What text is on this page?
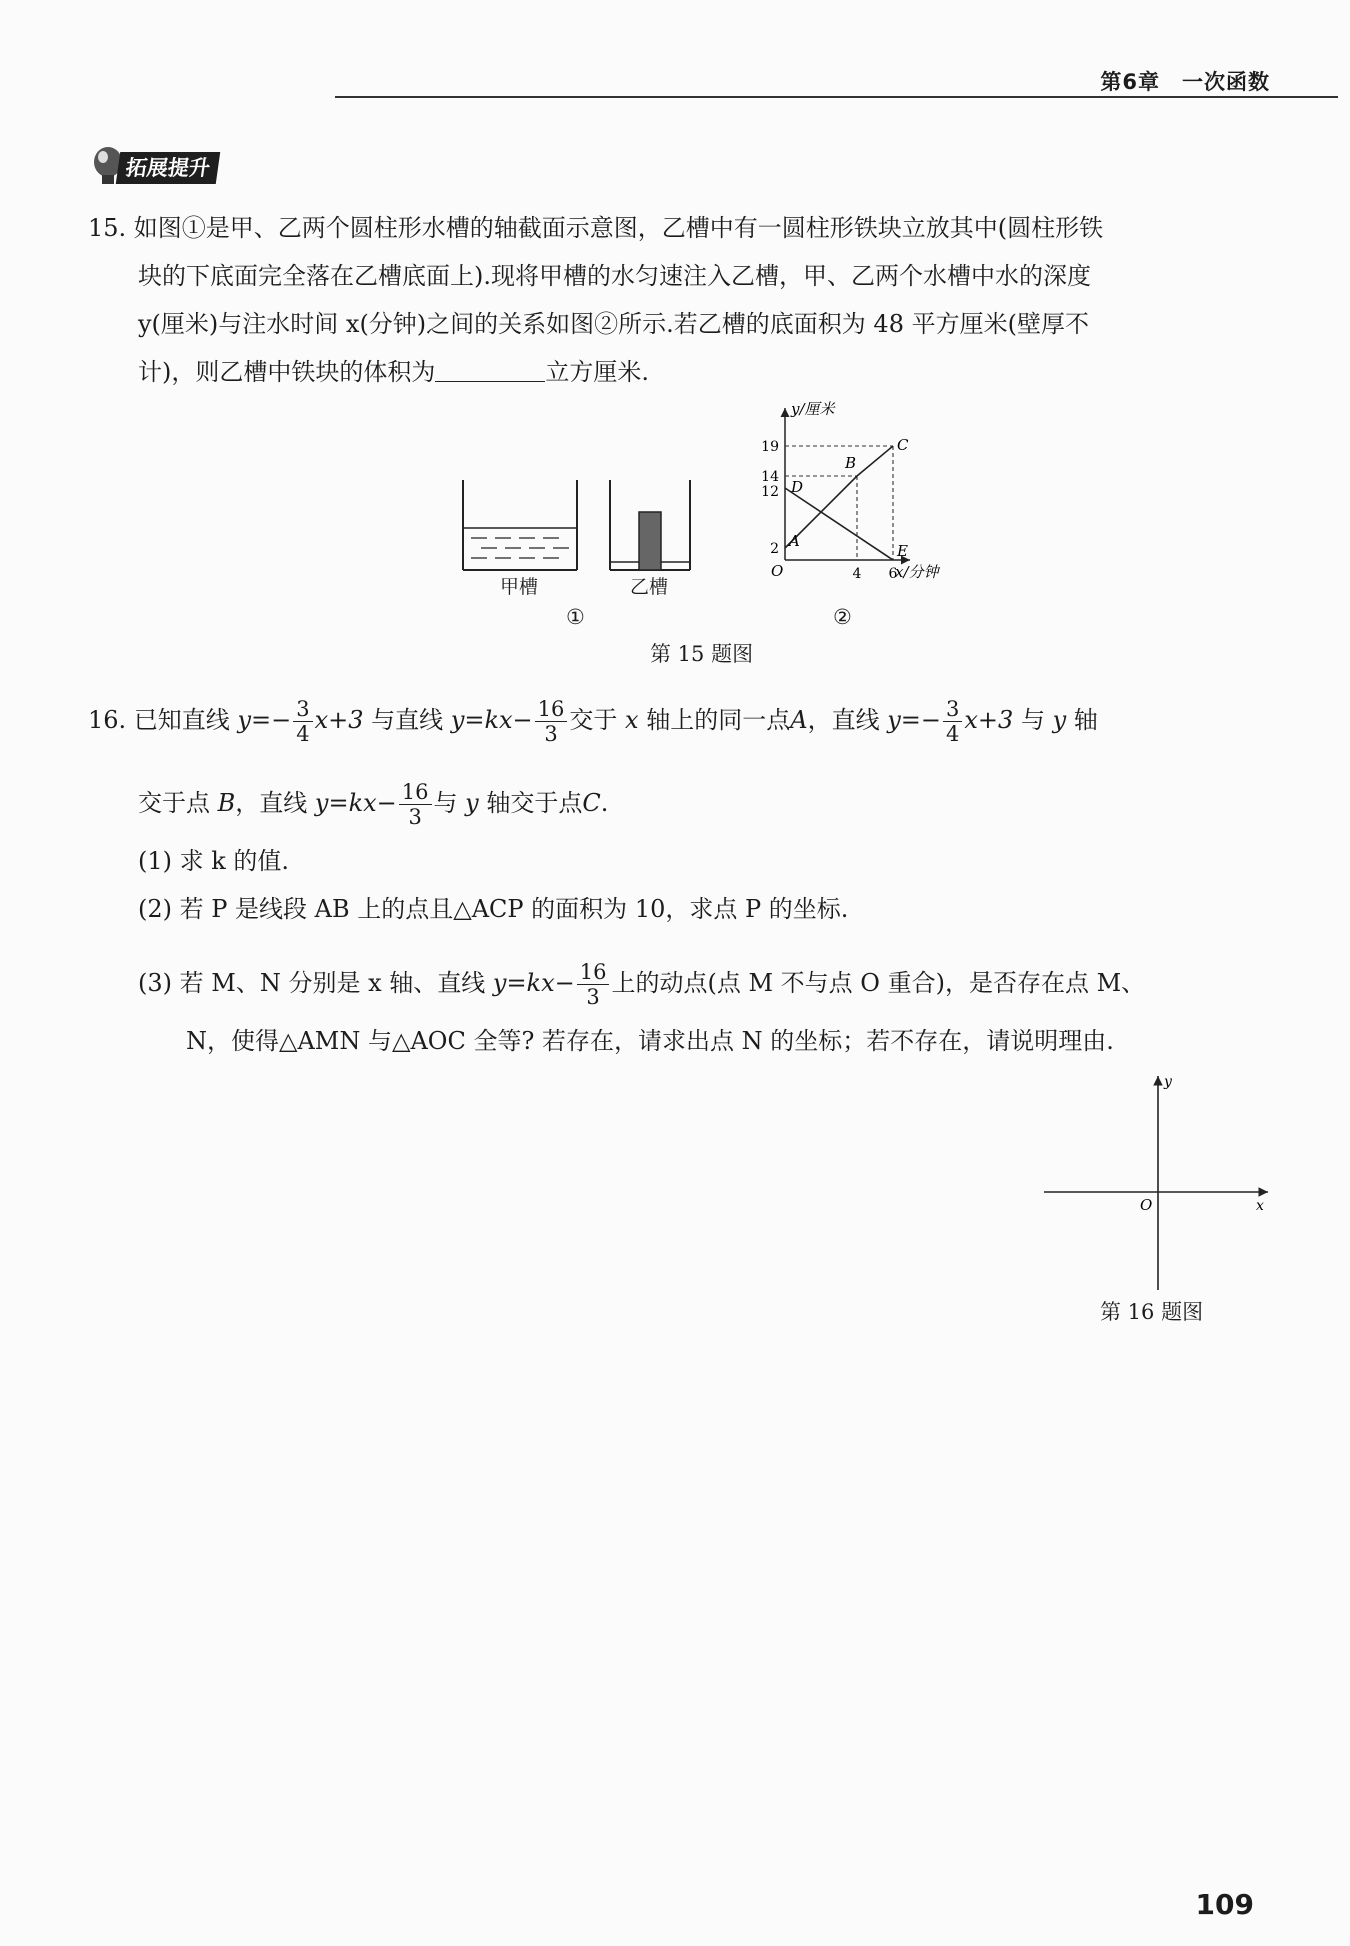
第6章　一次函数
拓展提升
15. 如图①是甲、乙两个圆柱形水槽的轴截面示意图，乙槽中有一圆柱形铁块立放其中(圆柱形铁
块的下底面完全落在乙槽底面上).现将甲槽的水匀速注入乙槽，甲、乙两个水槽中水的深度
y(厘米)与注水时间 x(分钟)之间的关系如图②所示.若乙槽的底面积为 48 平方厘米(壁厚不
计)，则乙槽中铁块的体积为	立方厘米.
甲槽	乙槽
①	②
y/厘米
x/分钟
O
2
12
14
19
4 6
A
B
C
D
E
第 15 题图
16. 已知直线 $y=- \frac{3}{4} x+3$ 与直线 $y=kx- \frac{16}{3}$ 交于 x 轴上的同一点A，直线 $y=- \frac{3}{4} x+3$ 与 y 轴
交于点 B，直线 $y=kx- \frac{16}{3}$ 与 y 轴交于点C.
(1) 求 k 的值.
(2) 若 P 是线段 AB 上的点且△ACP 的面积为 10，求点 P 的坐标.
(3) 若 M、N 分别是 x 轴、直线 $y=kx- \frac{16}{3}$ 上的动点(点 M 不与点 O 重合)，是否存在点 M、
N，使得△AMN 与△AOC 全等? 若存在，请求出点 N 的坐标；若不存在，请说明理由.
y
x
O
第 16 题图
109
